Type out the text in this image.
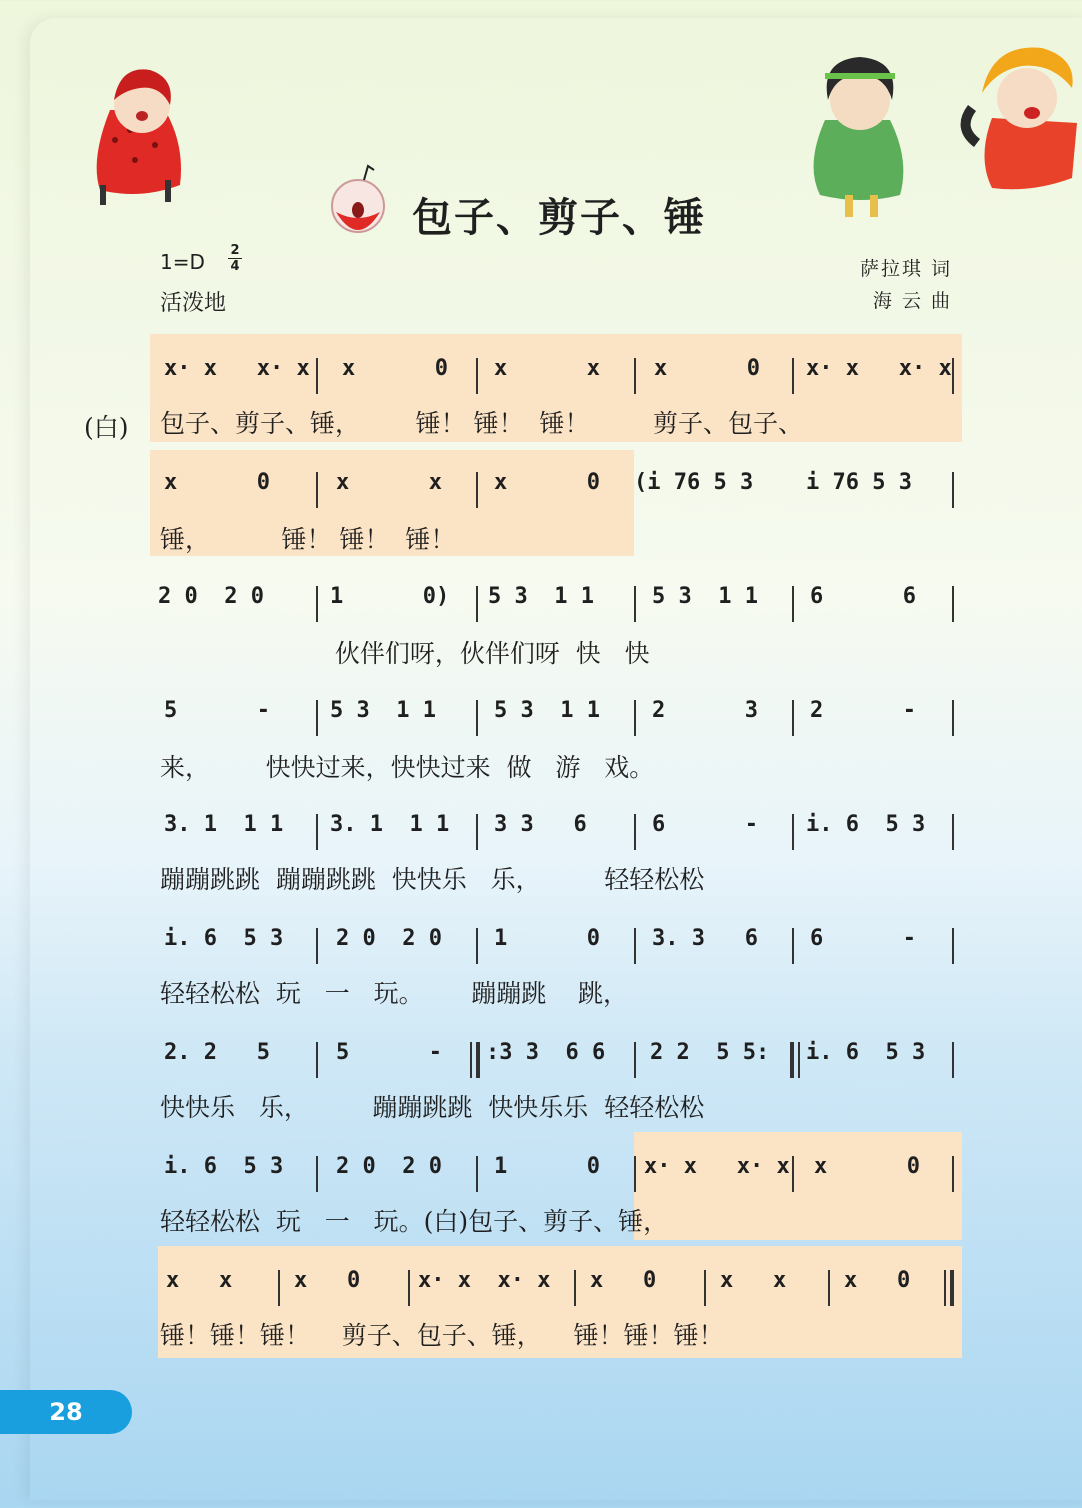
包子、剪子、锤
1=D 2
4
活泼地
萨拉琪 词
海 云 曲
(白)
x· x   x· x x      0 x      x x      0 x· x   x· x
包子、剪子、锤，       锤！ 锤！  锤！        剪子、包子、
x      0	x      x x      0 (i 76 5 3 i 76 5 3
锤，         锤！ 锤！  锤！
2 0  2 0	1      0) 5 3  1 1	5 3  1 1 6      6
伙伴们呀，伙伴们呀  快   快
5      -	5 3  1 1	5 3  1 1 2      3 2      -
来，       快快过来，快快过来  做   游   戏。
3. 1  1 1 3. 1  1 1 3 3   6	6      - i. 6  5 3
蹦蹦跳跳  蹦蹦跳跳  快快乐   乐，        轻轻松松
i. 6  5 3 2 0  2 0 1      0 3. 3   6 6      -
轻轻松松  玩   一   玩。      蹦蹦跳    跳，
2. 2   5	5      - :3 3  6 6 2 2  5 5: i. 6  5 3
快快乐   乐，        蹦蹦跳跳  快快乐乐  轻轻松松
i. 6  5 3 2 0  2 0 1      0 x· x   x· x x      0
轻轻松松  玩   一   玩。(白)包子、剪子、锤，
x   x	x   0	x· x  x· x x   0	x   x	x   0
锤！锤！锤！    剪子、包子、锤，    锤！锤！锤！
28
